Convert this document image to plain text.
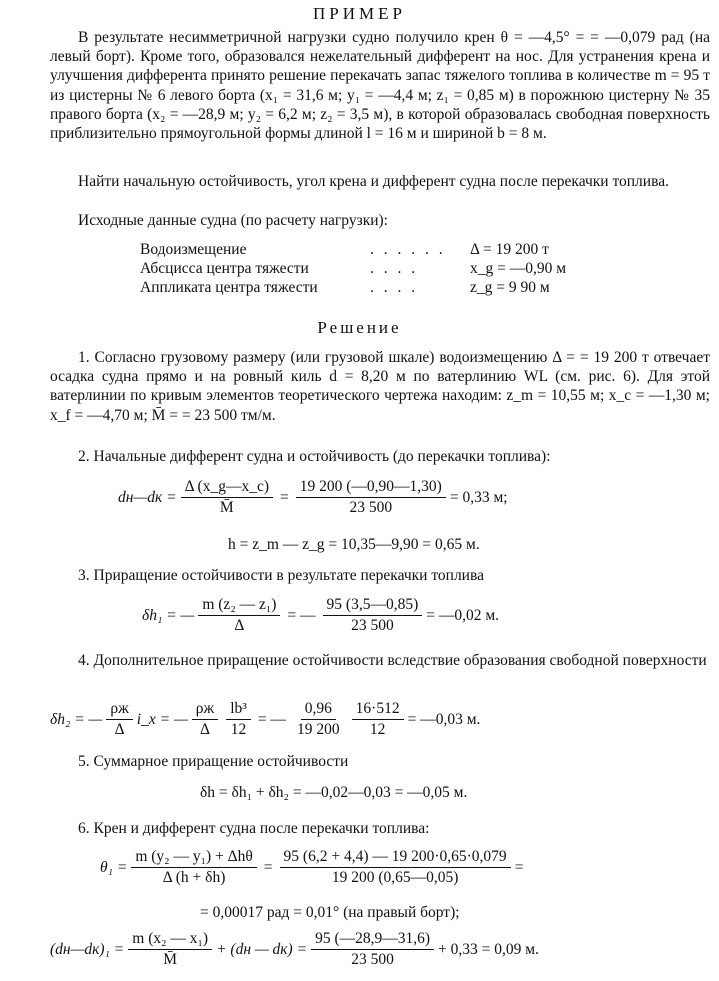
ПРИМЕР
В результате несимметричной нагрузки судно получило крен θ = —4,5° = = —0,079 рад (на левый борт). Кроме того, образовался нежелательный дифферент на нос. Для устранения крена и улучшения дифферента принято решение перекачать запас тяжелого топлива в количестве m = 95 т из цистерны № 6 левого борта (x₁ = 31,6 м; y₁ = —4,4 м; z₁ = 0,85 м) в порожнюю цистерну № 35 правого борта (x₂ = —28,9 м; y₂ = 6,2 м; z₂ = 3,5 м), в которой образовалась свободная поверхность приблизительно прямоугольной формы длиной l = 16 м и шириной b = 8 м.
Найти начальную остойчивость, угол крена и дифферент судна после перекачки топлива.
Исходные данные судна (по расчету нагрузки):
Водоизмещение	. . . . . .	Δ = 19 200 т
Абсцисса центра тяжести	. . . .	x_g = —0,90 м
Аппликата центра тяжести	. . . .	z_g = 9 90 м
Решение
1. Согласно грузовому размеру (или грузовой шкале) водоизмещению Δ = = 19 200 т отвечает осадка судна прямо и на ровный киль d = 8,20 м по ватерлинию WL (см. рис. 6). Для этой ватерлинии по кривым элементов теоретического чертежа находим: z_m = 10,55 м; x_c = —1,30 м; x_f = —4,70 м; M̄ = = 23 500 тм/м.
2. Начальные дифферент судна и остойчивость (до перекачки топлива):
dн—dк = $\frac{\Delta (x\_g—x\_c)}{M̄} = \frac{19 200 (—0,90—1,30)}{23 500} = 0,33$ м;
h = z_m — z_g = 10,35—9,90 = 0,65 м.
3. Приращение остойчивости в результате перекачки топлива
δh₁ = — $\frac{\text{m (z₂ — z₁)}}{\Delta}$ = — $\frac{95 (3,5—0,85)}{23 500}$ = —0,02 м.
4. Дополнительное приращение остойчивости вследствие образования свободной поверхности
δh₂ = — $\frac{\rho ж}{\Delta}$ i_x = — $\frac{\rho ж}{\Delta} \frac{\text{lb³}}{12}$ = — $\frac{0,96}{19 200} \frac{16\cdot 512}{12}$ = —0,03 м.
5. Суммарное приращение остойчивости
δh = δh₁ + δh₂ = —0,02—0,03 = —0,05 м.
6. Крен и дифферент судна после перекачки топлива:
$\theta_1 = \frac{\text{m (y₂ — y₁) + Δhθ}}{\Delta (h + \delta h)} = \frac{95 (6,2 + 4,4) — 19 200\cdot 0,65\cdot 0,079}{19 200 (0,65—0,05)}$ =
= 0,00017 рад = 0,01° (на правый борт);
(dн—dк)₁ = $\frac{\text{m (x₂ — x₁)}}{M̄} + (dн$ — $dк) = \frac{95 (—28,9—31,6)}{23 500} + 0,33 = 0,09$ м.
